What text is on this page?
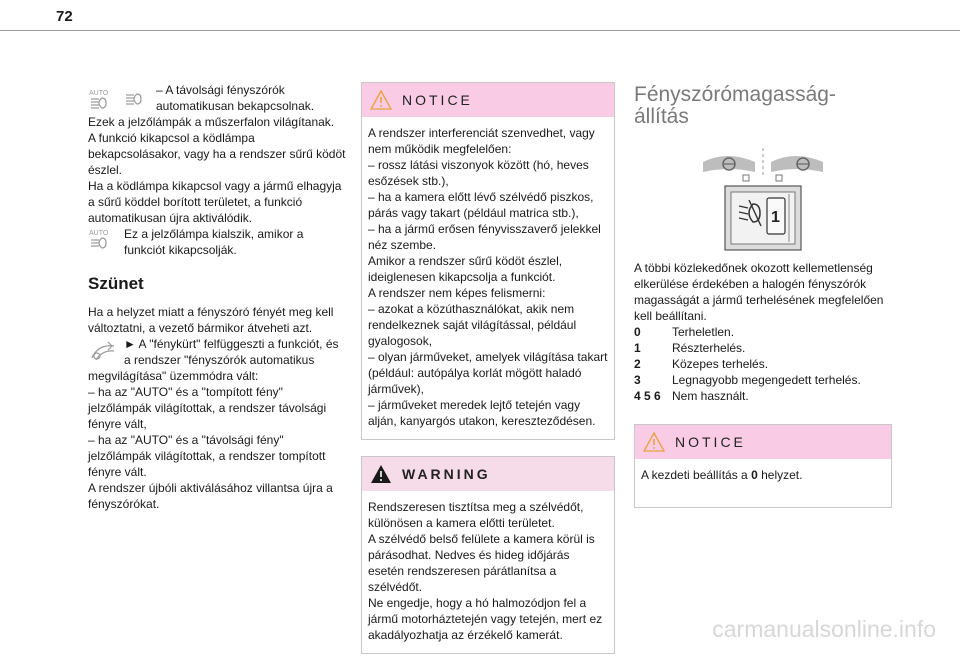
72
AUTO	– A távolsági fényszórók automatikusan bekapcsolnak.

Ezek a jelzőlámpák a műszerfalon világítanak.

A funkció kikapcsol a ködlámpa bekapcsolásakor, vagy ha a rendszer sűrű ködöt észlel.

Ha a ködlámpa kikapcsol vagy a jármű elhagyja a sűrű köddel borított területet, a funkció automatikusan újra aktiválódik.

AUTO Ez a jelzőlámpa kialszik, amikor a funkciót kikapcsolják.

Szünet

Ha a helyzet miatt a fényszóró fényét meg kell változtatni, a vezető bármikor átveheti azt.

► A "fénykürt" felfüggeszti a funkciót, és a rendszer "fényszórók automatikus

megvilágítása" üzemmódra vált:

– ha az "AUTO" és a "tompított fény" jelzőlámpák világítottak, a rendszer távolsági fényre vált,

– ha az "AUTO" és a "távolsági fény" jelzőlámpák világítottak, a rendszer tompított fényre vált.

A rendszer újbóli aktiválásához villantsa újra a fényszórókat.

NOTICE

A rendszer interferenciát szenvedhet, vagy nem működik megfelelően:

– rossz látási viszonyok között (hó, heves esőzések stb.),

– ha a kamera előtt lévő szélvédő piszkos, párás vagy takart (például matrica stb.),

– ha a jármű erősen fényvisszaverő jelekkel néz szembe.

Amikor a rendszer sűrű ködöt észlel, ideiglenesen kikapcsolja a funkciót.

A rendszer nem képes felismerni:

– azokat a közúthasználókat, akik nem rendelkeznek saját világítással, például gyalogosok,

– olyan járműveket, amelyek világítása takart (például: autópálya korlát mögött haladó járművek),

– járműveket meredek lejtő tetején vagy alján, kanyargós utakon, kereszteződésen.

WARNING

Rendszeresen tisztítsa meg a szélvédőt, különösen a kamera előtti területet.

A szélvédő belső felülete a kamera körül is párásodhat. Nedves és hideg időjárás esetén rendszeresen párátlanítsa a szélvédőt.

Ne engedje, hogy a hó halmozódjon fel a jármű motorháztetején vagy tetején, mert ez akadályozhatja az érzékelő kamerát.

Fényszórómagasság-
állítás
1

A többi közlekedőnek okozott kellemetlenség elkerülése érdekében a halogén fényszórók magasságát a jármű terhelésének megfelelően kell beállítani.

0	Terheletlen.
1	Részterhelés.
2	Közepes terhelés.
3	Legnagyobb megengedett terhelés.
4 5 6 Nem használt.
NOTICE
A kezdeti beállítás a 0 helyzet.
carmanualsonline.info
